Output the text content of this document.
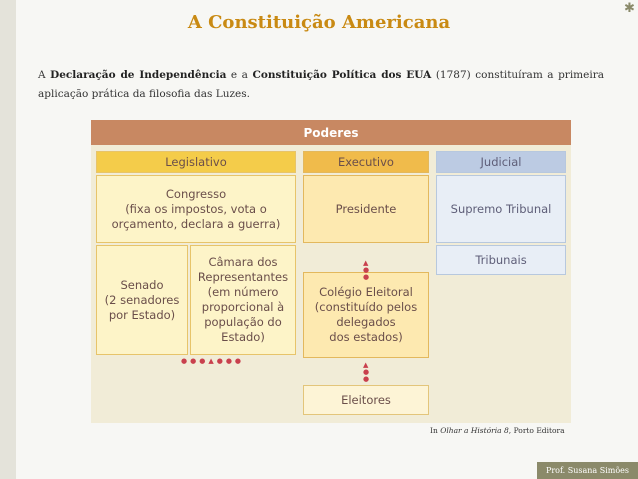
✱
A Constituição Americana
A Declaração de Independência e a Constituição Política dos EUA (1787) constituíram a primeira aplicação prática da filosofia das Luzes.
Poderes
Legislativo
Congresso
(fixa os impostos, vota o
orçamento, declara a guerra)
Senado
(2 senadores
por Estado)
Câmara dos
Representantes
(em número
proporcional à
população do
Estado)
Executivo
Presidente
Colégio Eleitoral
(constituído pelos
delegados
dos estados)
Judicial
Supremo Tribunal
Tribunais
Eleitores
▲
●
●
▲
●
●
●●●▲●●●
In Olhar a História 8, Porto Editora
Prof. Susana Simões
